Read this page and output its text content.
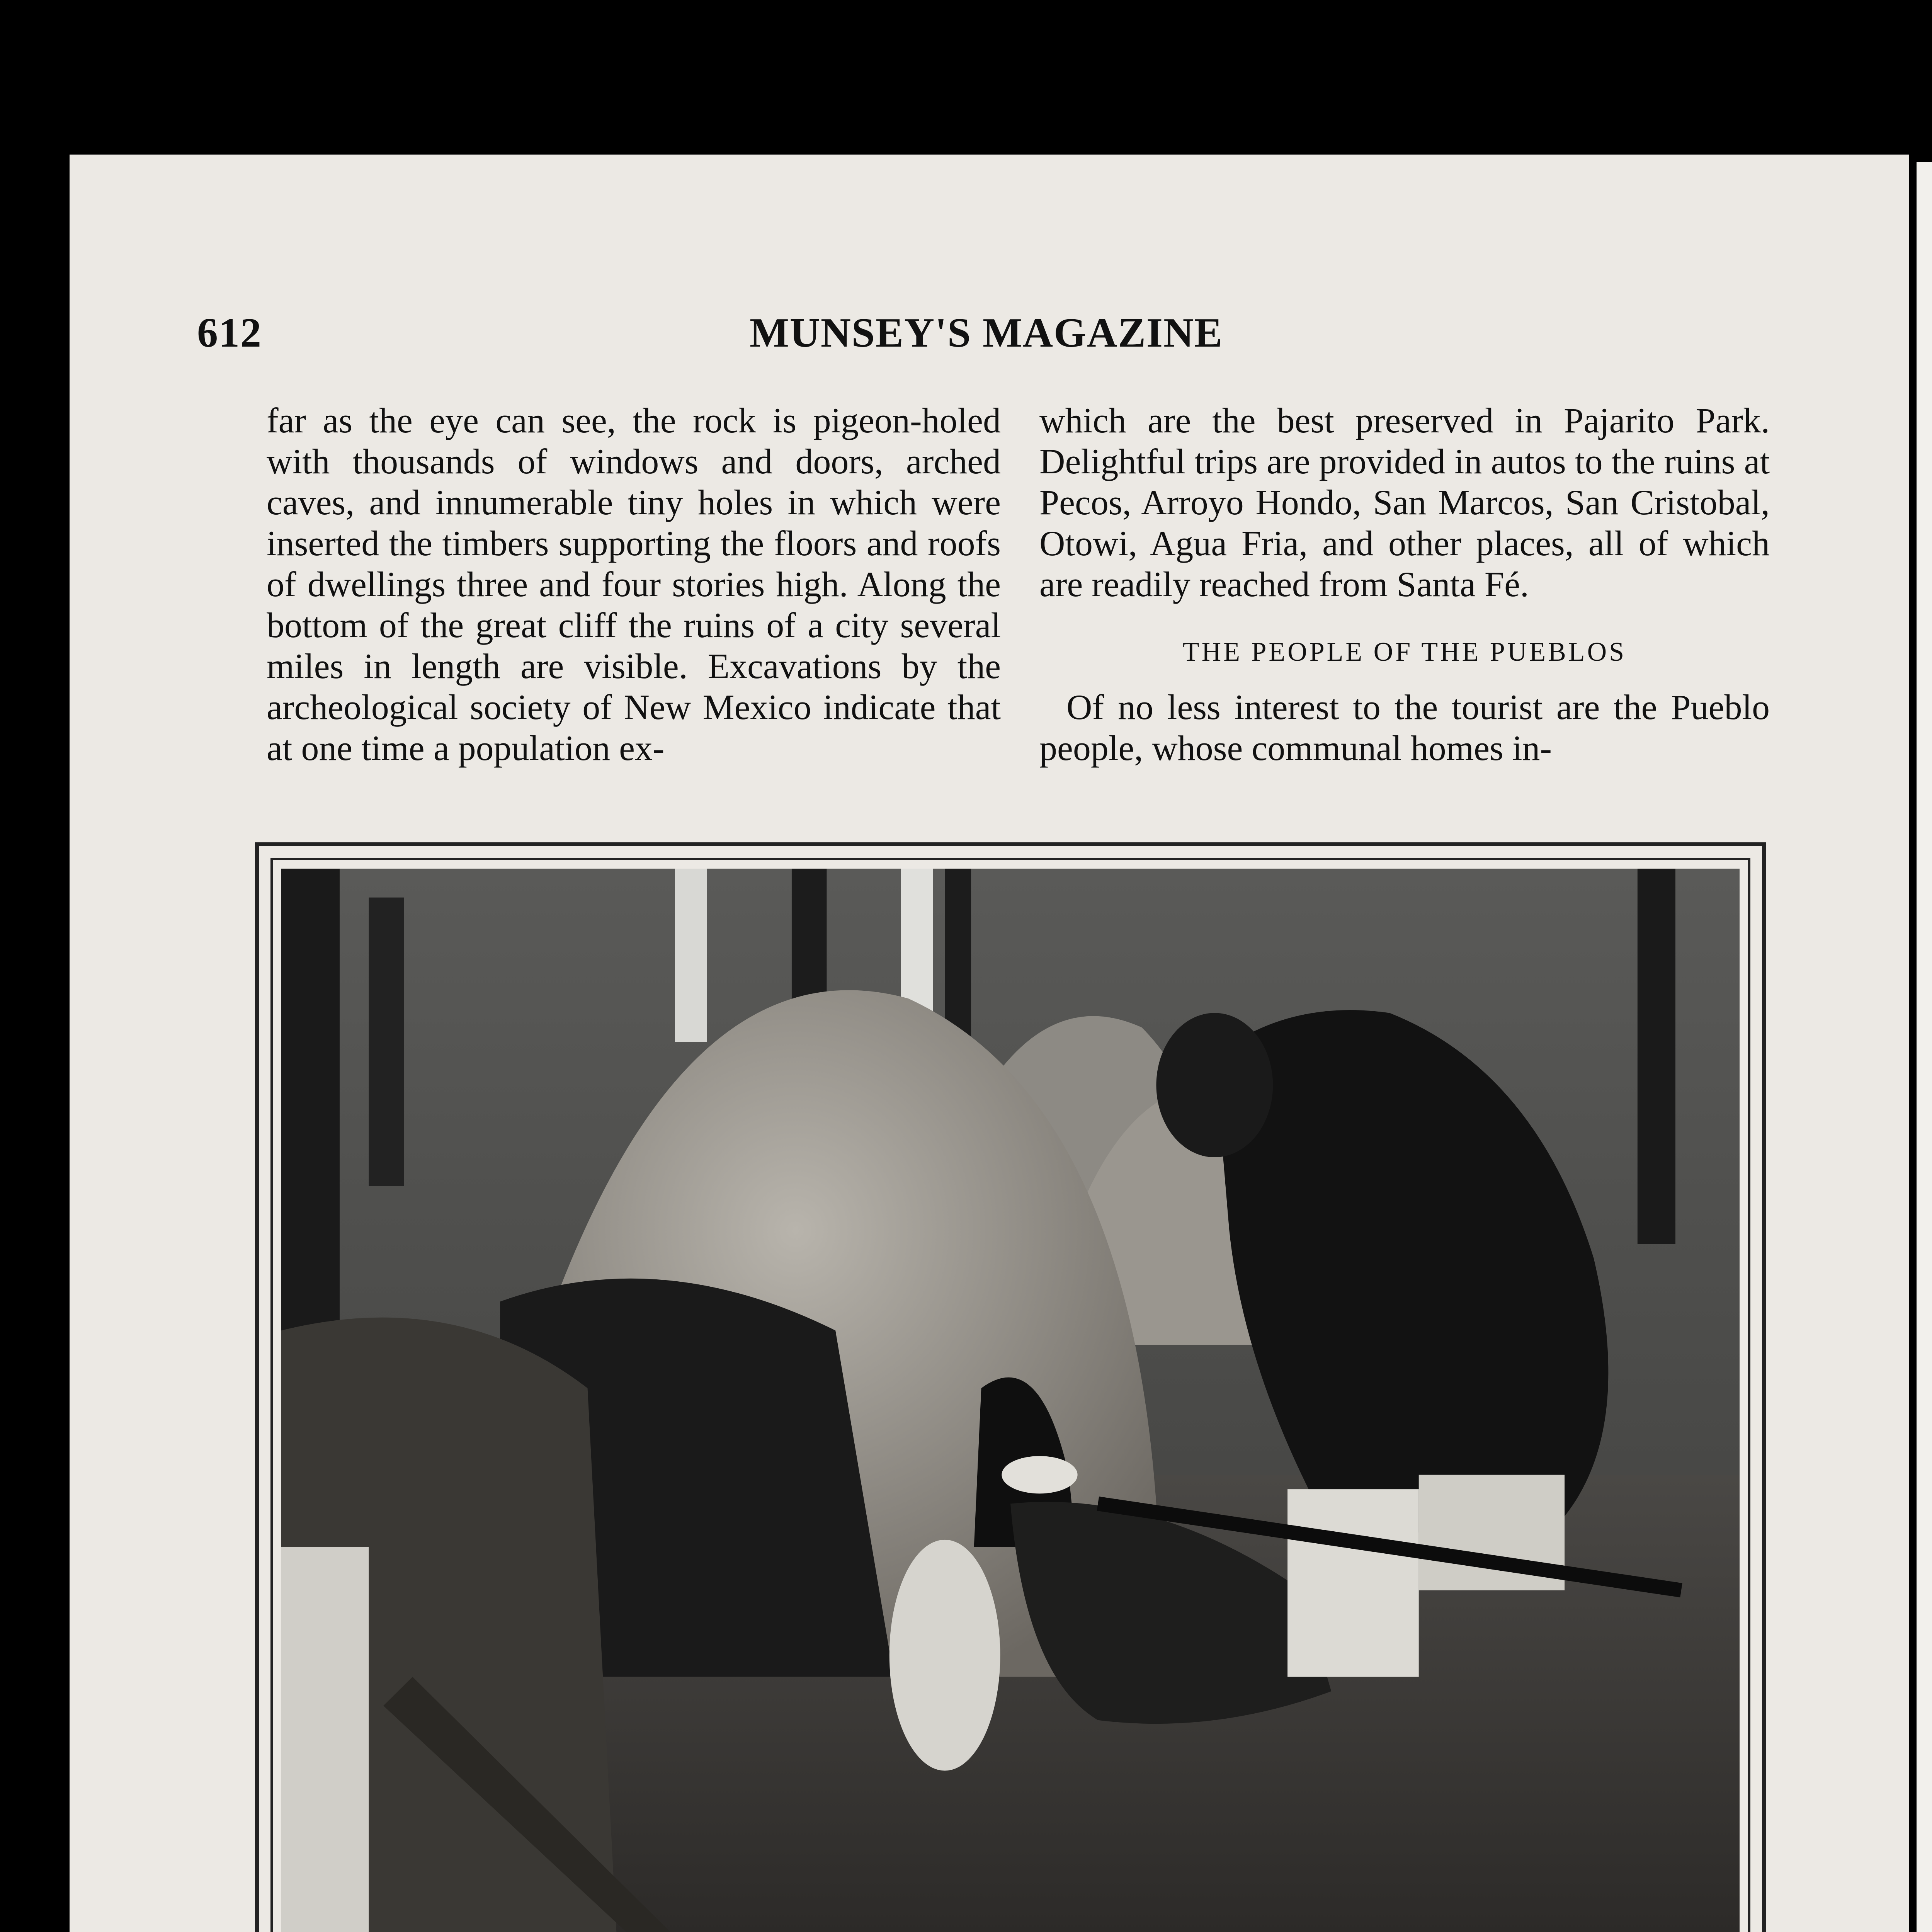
612	MUNSEY'S MAGAZINE

far as the eye can see, the rock is pigeon-holed with thousands of windows and doors, arched caves, and innumerable tiny holes in which were inserted the timbers supporting the floors and roofs of dwellings three and four stories high. Along the bottom of the great cliff the ruins of a city several miles in length are visible. Excavations by the archeological society of New Mexico indicate that at one time a population ex-

which are the best preserved in Pajarito Park. Delightful trips are provided in autos to the ruins at Pecos, Arroyo Hondo, San Marcos, San Cristobal, Otowi, Agua Fria, and other places, all of which are readily reached from Santa Fé.

THE PEOPLE OF THE PUEBLOS

Of no less interest to the tourist are the Pueblo people, whose communal homes in-
